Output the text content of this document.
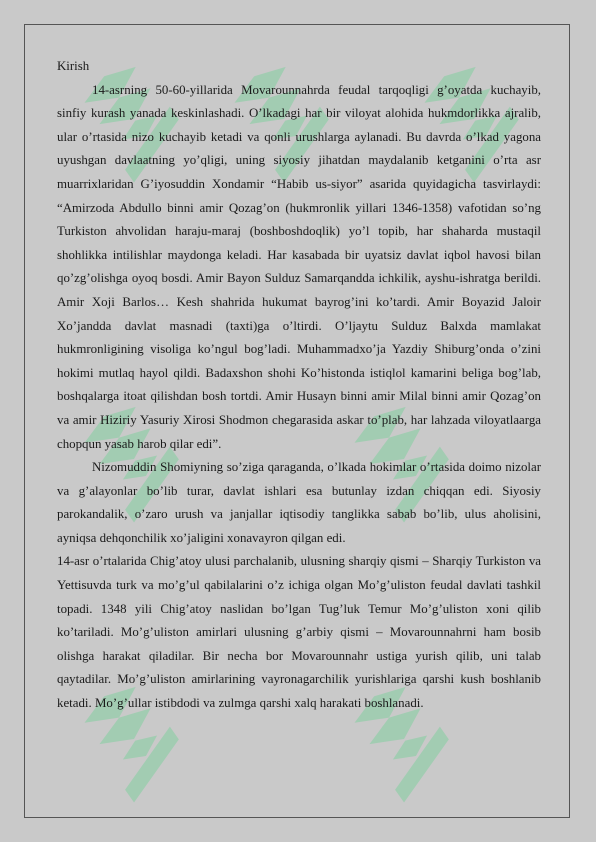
Kirish

14-asrning 50-60-yillarida Movarounnahrda feudal tarqoqligi g’oyatda kuchayib, sinfiy kurash yanada keskinlashadi. O’lkadagi har bir viloyat alohida hukmdorlikka ajralib, ular o’rtasida nizo kuchayib ketadi va qonli urushlarga aylanadi. Bu davrda o’lkad yagona uyushgan davlaatning yo’qligi, uning siyosiy jihatdan maydalanib ketganini o’rta asr muarrixlaridan G’iyosuddin Xondamir “Habib us-siyor” asarida quyidagicha tasvirlaydi: “Amirzoda Abdullo binni amir Qozag’on (hukmronlik yillari 1346-1358) vafotidan so’ng Turkiston ahvolidan haraju-maraj (boshboshdoqlik) yo’l topib, har shaharda mustaqil shohlikka intilishlar maydonga keladi. Har kasabada bir uyatsiz davlat iqbol havosi bilan qo’zg’olishga oyoq bosdi. Amir Bayon Sulduz Samarqandda ichkilik, ayshu-ishratga berildi. Amir Xoji Barlos… Kesh shahrida hukumat bayrog’ini ko’tardi. Amir Boyazid Jaloir Xo’jandda davlat masnadi (taxti)ga o’ltirdi. O’ljaytu Sulduz Balxda mamlakat hukmronligining visoliga ko’ngul bog’ladi. Muhammadxo’ja Yazdiy Shiburg’onda o’zini hokimi mutlaq hayol qildi. Badaxshon shohi Ko’histonda istiqlol kamarini beliga bog’lab, boshqalarga itoat qilishdan bosh tortdi. Amir Husayn binni amir Milal binni amir Qozag’on va amir Hiziriy Yasuriy Xirosi Shodmon chegarasida askar to’plab, har lahzada viloyatlaarga chopqun yasab harob qilar edi”.

Nizomuddin Shomiyning so’ziga qaraganda, o’lkada hokimlar o’rtasida doimo nizolar va g’alayonlar bo’lib turar, davlat ishlari esa butunlay izdan chiqqan edi. Siyosiy parokandalik, o’zaro urush va janjallar iqtisodiy tanglikka sabab bo’lib, ulus aholisini, ayniqsa dehqonchilik xo’jaligini xonavayron qilgan edi.

14-asr o’rtalarida Chig’atoy ulusi parchalanib, ulusning sharqiy qismi – Sharqiy Turkiston va Yettisuvda turk va mo’g’ul qabilalarini o’z ichiga olgan Mo’g’uliston feudal davlati tashkil topadi. 1348 yili Chig’atoy naslidan bo’lgan Tug’luk Temur Mo’g’uliston xoni qilib ko’tariladi. Mo’g’uliston amirlari ulusning g’arbiy qismi – Movarounnahrni ham bosib olishga harakat qiladilar. Bir necha bor Movarounnahr ustiga yurish qilib, uni talab qaytadilar. Mo’g’uliston amirlarining vayronagarchilik yurishlariga qarshi kush boshlanib ketadi. Mo’g’ullar istibdodi va zulmga qarshi xalq harakati boshlanadi.
